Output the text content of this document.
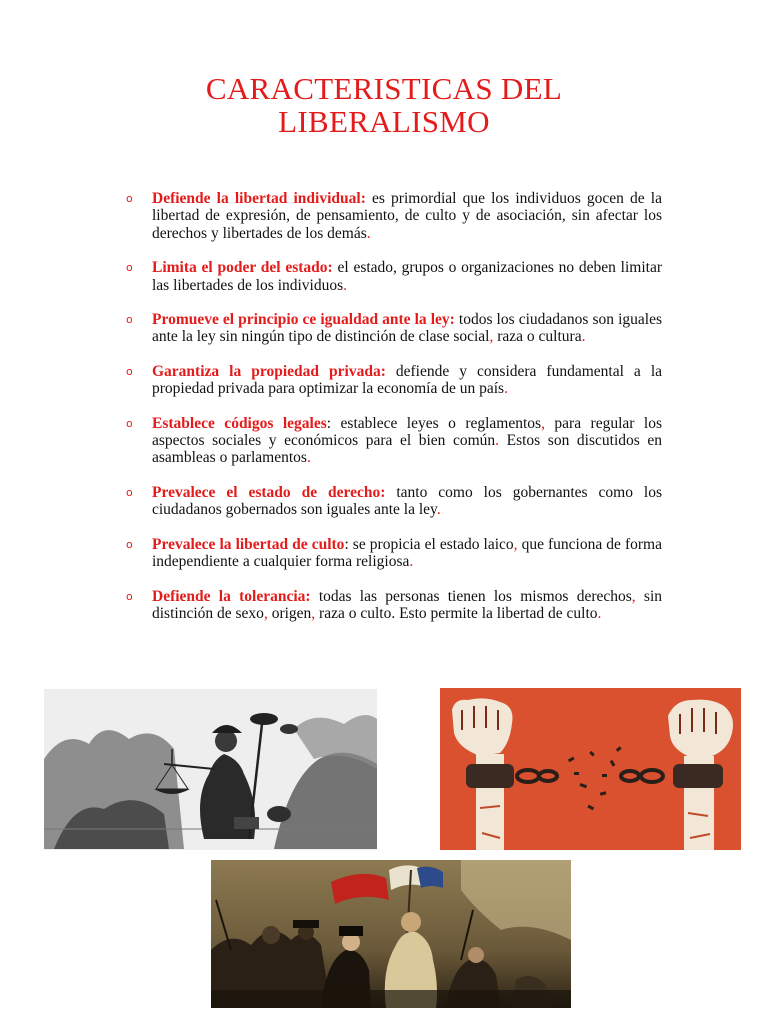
CARACTERISTICAS DEL
LIBERALISMO
o Defiende la libertad individual: es primordial que los individuos gocen de la libertad de expresión, de pensamiento, de culto y de asociación, sin afectar los derechos y libertades de los demás.
o Limita el poder del estado: el estado, grupos o organizaciones no deben limitar las libertades de los individuos.
o Promueve el principio ce igualdad ante la ley: todos los ciudadanos son iguales ante la ley sin ningún tipo de distinción de clase social, raza o cultura.
o Garantiza la propiedad privada: defiende y considera fundamental a la propiedad privada para optimizar la economía de un país.
o Establece códigos legales: establece leyes o reglamentos, para regular los aspectos sociales y económicos para el bien común. Estos son discutidos en asambleas o parlamentos.
o Prevalece el estado de derecho: tanto como los gobernantes como los ciudadanos gobernados son iguales ante la ley.
o Prevalece la libertad de culto: se propicia el estado laico, que funciona de forma independiente a cualquier forma religiosa.
o Defiende la tolerancia: todas las personas tienen los mismos derechos, sin distinción de sexo, origen, raza o culto. Esto permite la libertad de culto.
